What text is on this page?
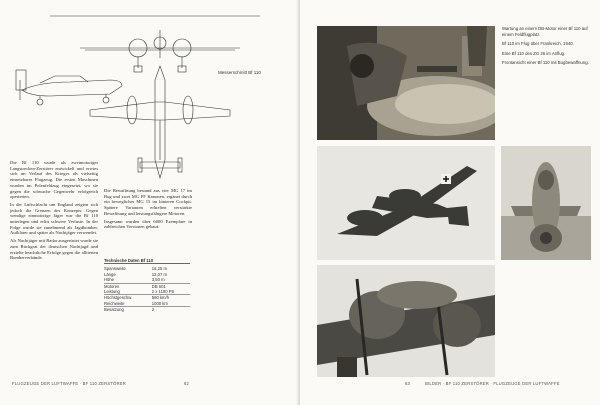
Messerschmitt Bf 110

Die Bf 110 wurde als zweimotoriger Langstrecken-Zerstörer entwickelt und erwies sich im Verlauf des Krieges als vielseitig einsetzbares Flugzeug. Die ersten Maschinen wurden im Polenfeldzug eingesetzt, wo sie gegen die schwache Gegenwehr erfolgreich operierten.

In der Luftschlacht um England zeigten sich jedoch die Grenzen des Konzepts: Gegen wendige einmotorige Jäger war die Bf 110 unterlegen und erlitt schwere Verluste. In der Folge wurde sie zunehmend als Jagdbomber, Aufklärer und später als Nachtjäger verwendet.

Als Nachtjäger mit Radar ausgerüstet wurde sie zum Rückgrat der deutschen Nachtjagd und erzielte beachtliche Erfolge gegen die alliierten Bomberverbände.

Die Bewaffnung bestand aus vier MG 17 im Bug und zwei MG FF Kanonen, ergänzt durch ein bewegliches MG 15 im hinteren Cockpit. Spätere Varianten erhielten verstärkte Bewaffnung und leistungsfähigere Motoren.

Insgesamt wurden über 6000 Exemplare in zahlreichen Versionen gebaut.

Technische Daten Bf 110
Spannweite	16,25 m
Länge	12,07 m
Höhe	3,50 m
Motoren	DB 601
Leistung	2 x 1100 PS
Höchstgeschw.	560 km/h
Reichweite	1000 km
Besatzung	2
FLUGZEUGE DER LUFTWAFFE · BF 110 ZERSTÖRER	62

Wartung an einem DB-Motor einer Bf 110 auf einem Feldflugplatz.

Bf 110 im Flug über Frankreich, 1940.

Eine Bf 110 des ZG 26 im Anflug.

Frontansicht einer Bf 110 mit Bugbewaffnung.

63	BILDER · BF 110 ZERSTÖRER · FLUGZEUGE DER LUFTWAFFE
